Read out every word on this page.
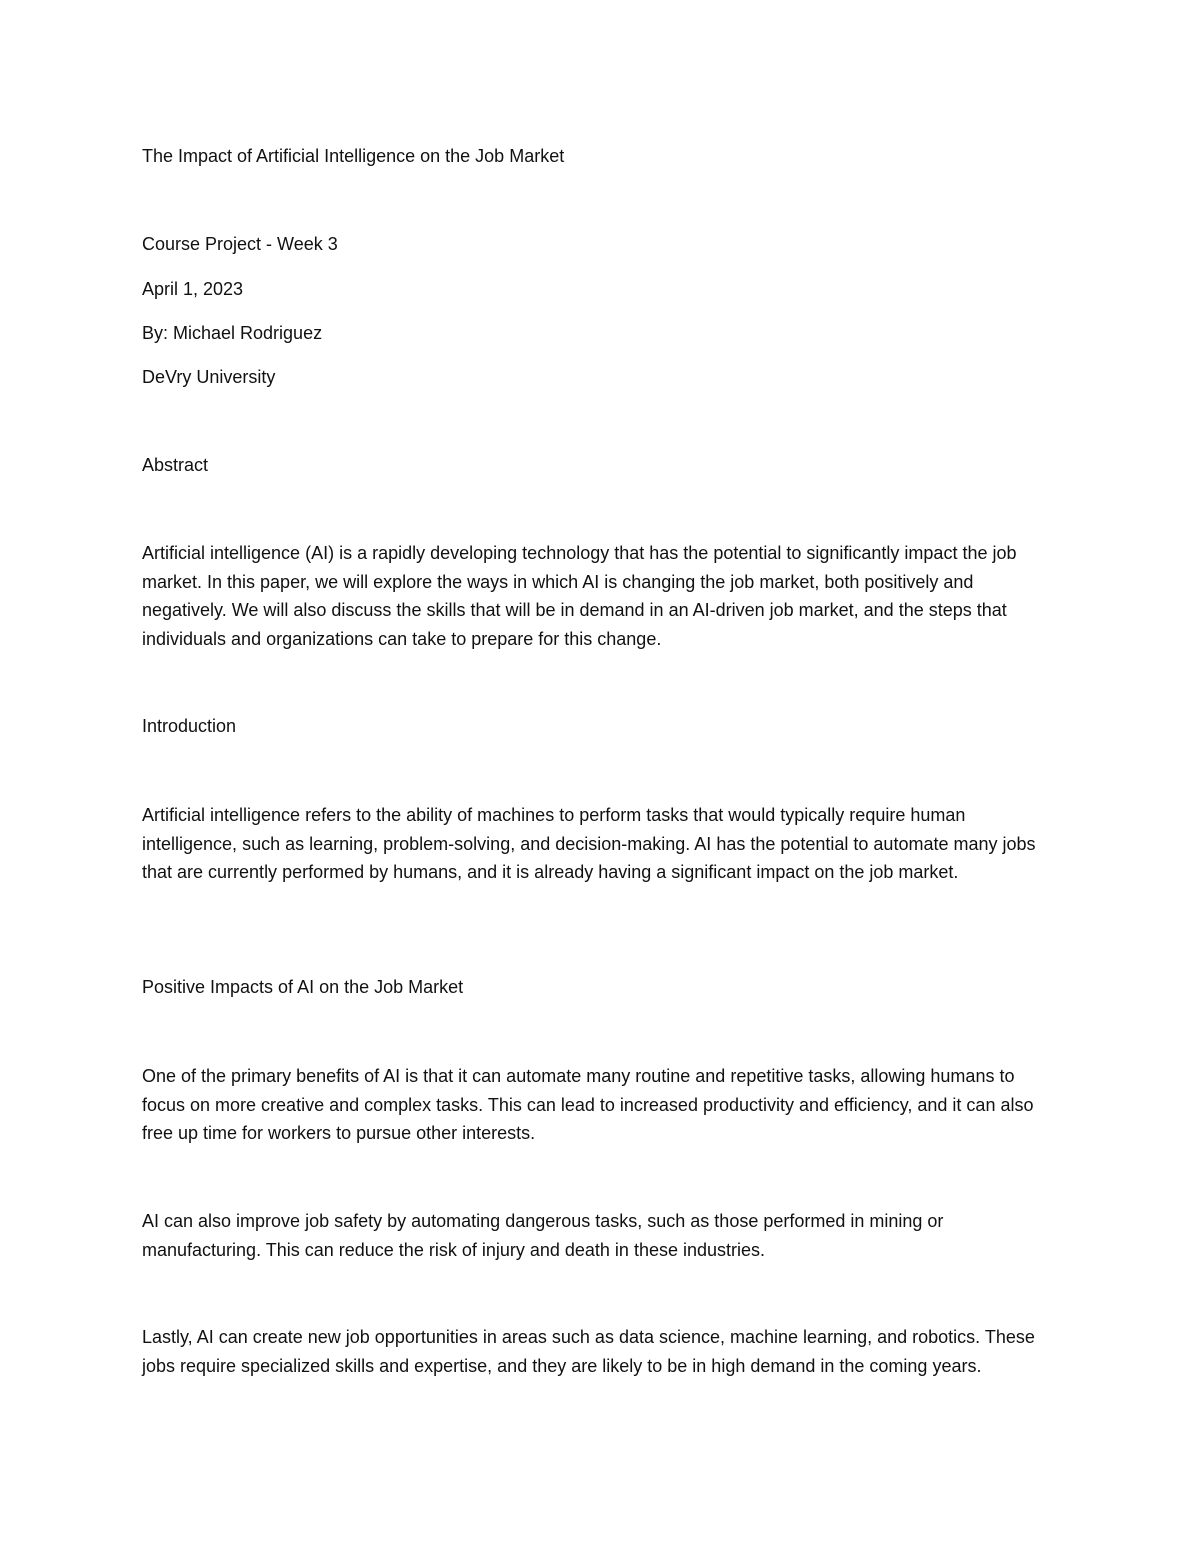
The Impact of Artificial Intelligence on the Job Market

Course Project - Week 3

April 1, 2023

By: Michael Rodriguez

DeVry University

Abstract

Artificial intelligence (AI) is a rapidly developing technology that has the potential to significantly impact the job market. In this paper, we will explore the ways in which AI is changing the job market, both positively and negatively. We will also discuss the skills that will be in demand in an AI-driven job market, and the steps that individuals and organizations can take to prepare for this change.

Introduction

Artificial intelligence refers to the ability of machines to perform tasks that would typically require human intelligence, such as learning, problem-solving, and decision-making. AI has the potential to automate many jobs that are currently performed by humans, and it is already having a significant impact on the job market.

Positive Impacts of AI on the Job Market

One of the primary benefits of AI is that it can automate many routine and repetitive tasks, allowing humans to focus on more creative and complex tasks. This can lead to increased productivity and efficiency, and it can also free up time for workers to pursue other interests.

AI can also improve job safety by automating dangerous tasks, such as those performed in mining or manufacturing. This can reduce the risk of injury and death in these industries.

Lastly, AI can create new job opportunities in areas such as data science, machine learning, and robotics. These jobs require specialized skills and expertise, and they are likely to be in high demand in the coming years.
